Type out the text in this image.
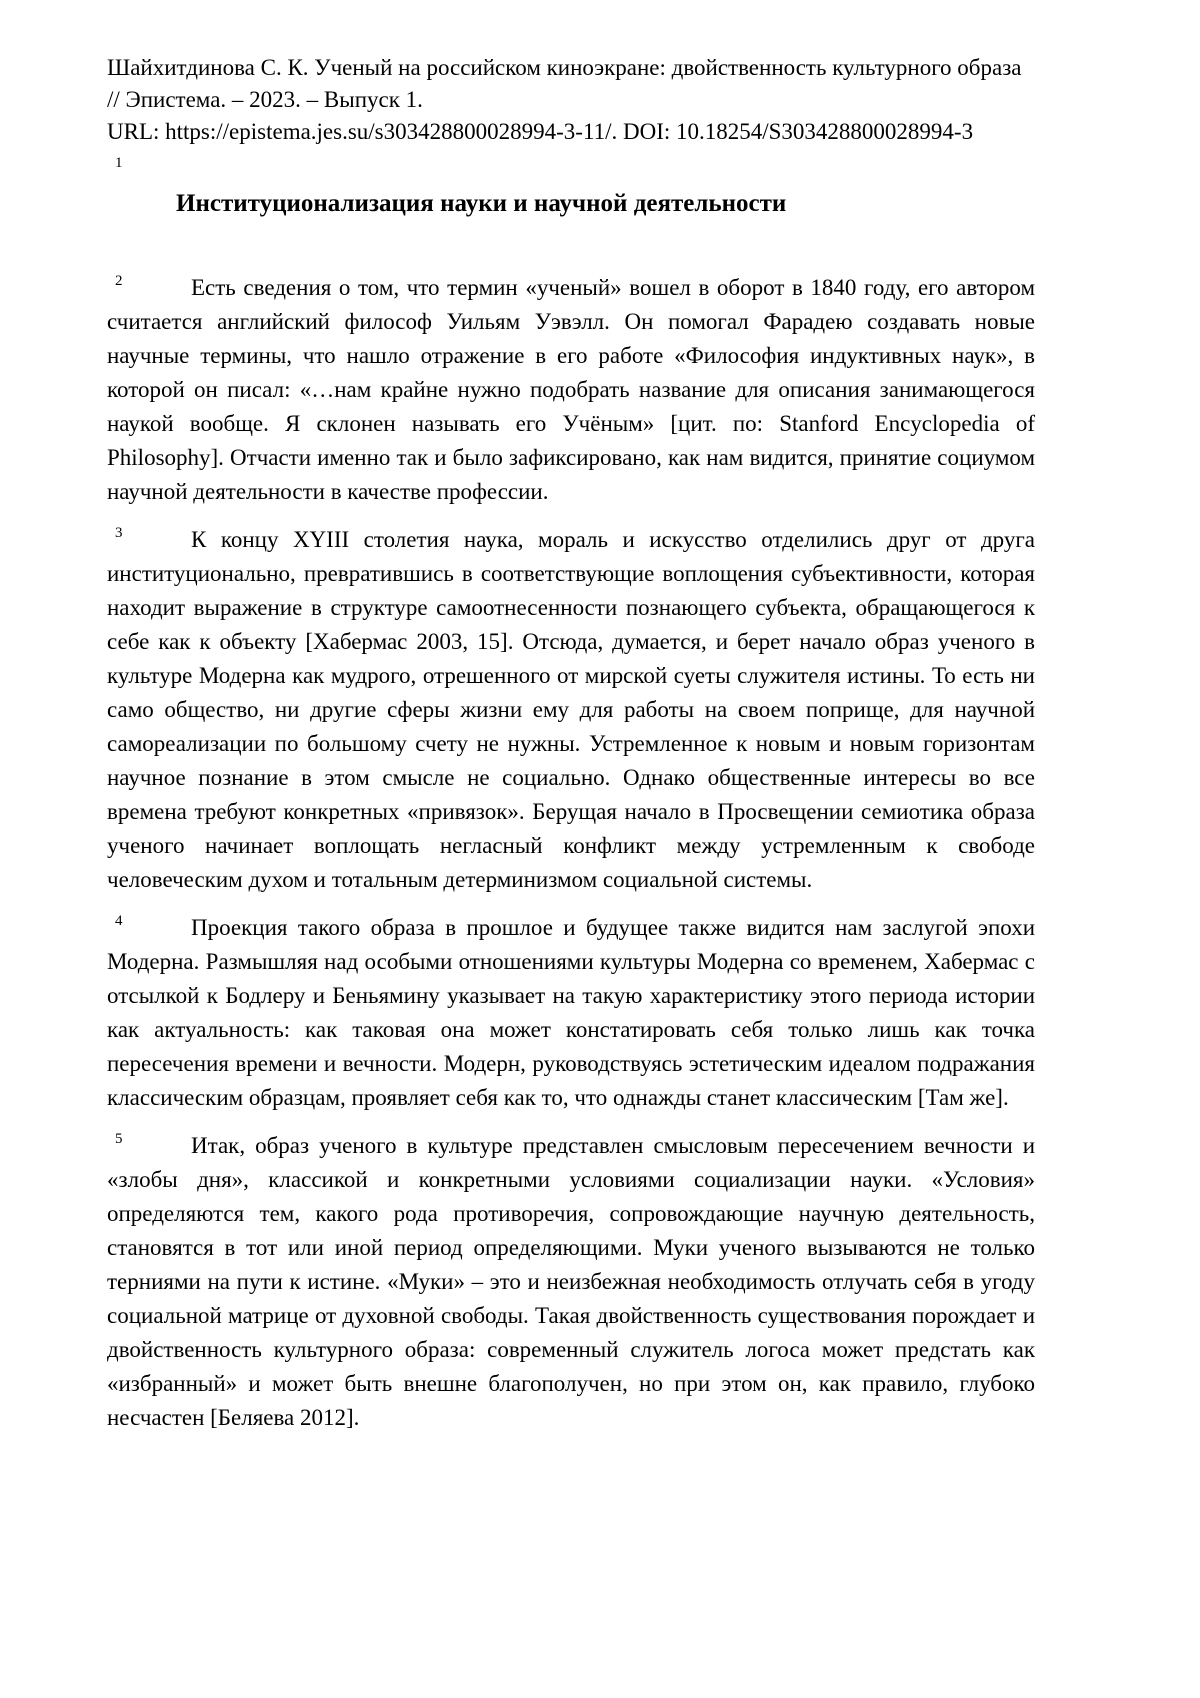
Шайхитдинова С. К. Ученый на российском киноэкране: двойственность культурного образа // Эпистема. – 2023. – Выпуск 1.

URL: https://epistema.jes.su/s303428800028994-3-11/. DOI: 10.18254/S303428800028994-3

1
Институционализация науки и научной деятельности

2	Есть сведения о том, что термин «ученый» вошел в оборот в 1840 году, его автором считается английский философ Уильям Уэвэлл. Он помогал Фарадею создавать новые научные термины, что нашло отражение в его работе «Философия индуктивных наук», в которой он писал: «…нам крайне нужно подобрать название для описания занимающегося наукой вообще. Я склонен называть его Учёным» [цит. по: Stanford Encyclopedia of Philosophy]. Отчасти именно так и было зафиксировано, как нам видится, принятие социумом научной деятельности в качестве профессии.

3	К концу ХYIII столетия наука, мораль и искусство отделились друг от друга институционально, превратившись в соответствующие воплощения субъективности, которая находит выражение в структуре самоотнесенности познающего субъекта, обращающегося к себе как к объекту [Хабермас 2003, 15]. Отсюда, думается, и берет начало образ ученого в культуре Модерна как мудрого, отрешенного от мирской суеты служителя истины. То есть ни само общество, ни другие сферы жизни ему для работы на своем поприще, для научной самореализации по большому счету не нужны. Устремленное к новым и новым горизонтам научное познание в этом смысле не социально. Однако общественные интересы во все времена требуют конкретных «привязок». Берущая начало в Просвещении семиотика образа ученого начинает воплощать негласный конфликт между устремленным к свободе человеческим духом и тотальным детерминизмом социальной системы.

4	Проекция такого образа в прошлое и будущее также видится нам заслугой эпохи Модерна. Размышляя над особыми отношениями культуры Модерна со временем, Хабермас с отсылкой к Бодлеру и Беньямину указывает на такую характеристику этого периода истории как актуальность: как таковая она может констатировать себя только лишь как точка пересечения времени и вечности. Модерн, руководствуясь эстетическим идеалом подражания классическим образцам, проявляет себя как то, что однажды станет классическим [Там же].

5	Итак, образ ученого в культуре представлен смысловым пересечением вечности и «злобы дня», классикой и конкретными условиями социализации науки. «Условия» определяются тем, какого рода противоречия, сопровождающие научную деятельность, становятся в тот или иной период определяющими. Муки ученого вызываются не только терниями на пути к истине. «Муки» – это и неизбежная необходимость отлучать себя в угоду социальной матрице от духовной свободы. Такая двойственность существования порождает и двойственность культурного образа: современный служитель логоса может предстать как «избранный» и может быть внешне благополучен, но при этом он, как правило, глубоко несчастен [Беляева 2012].
